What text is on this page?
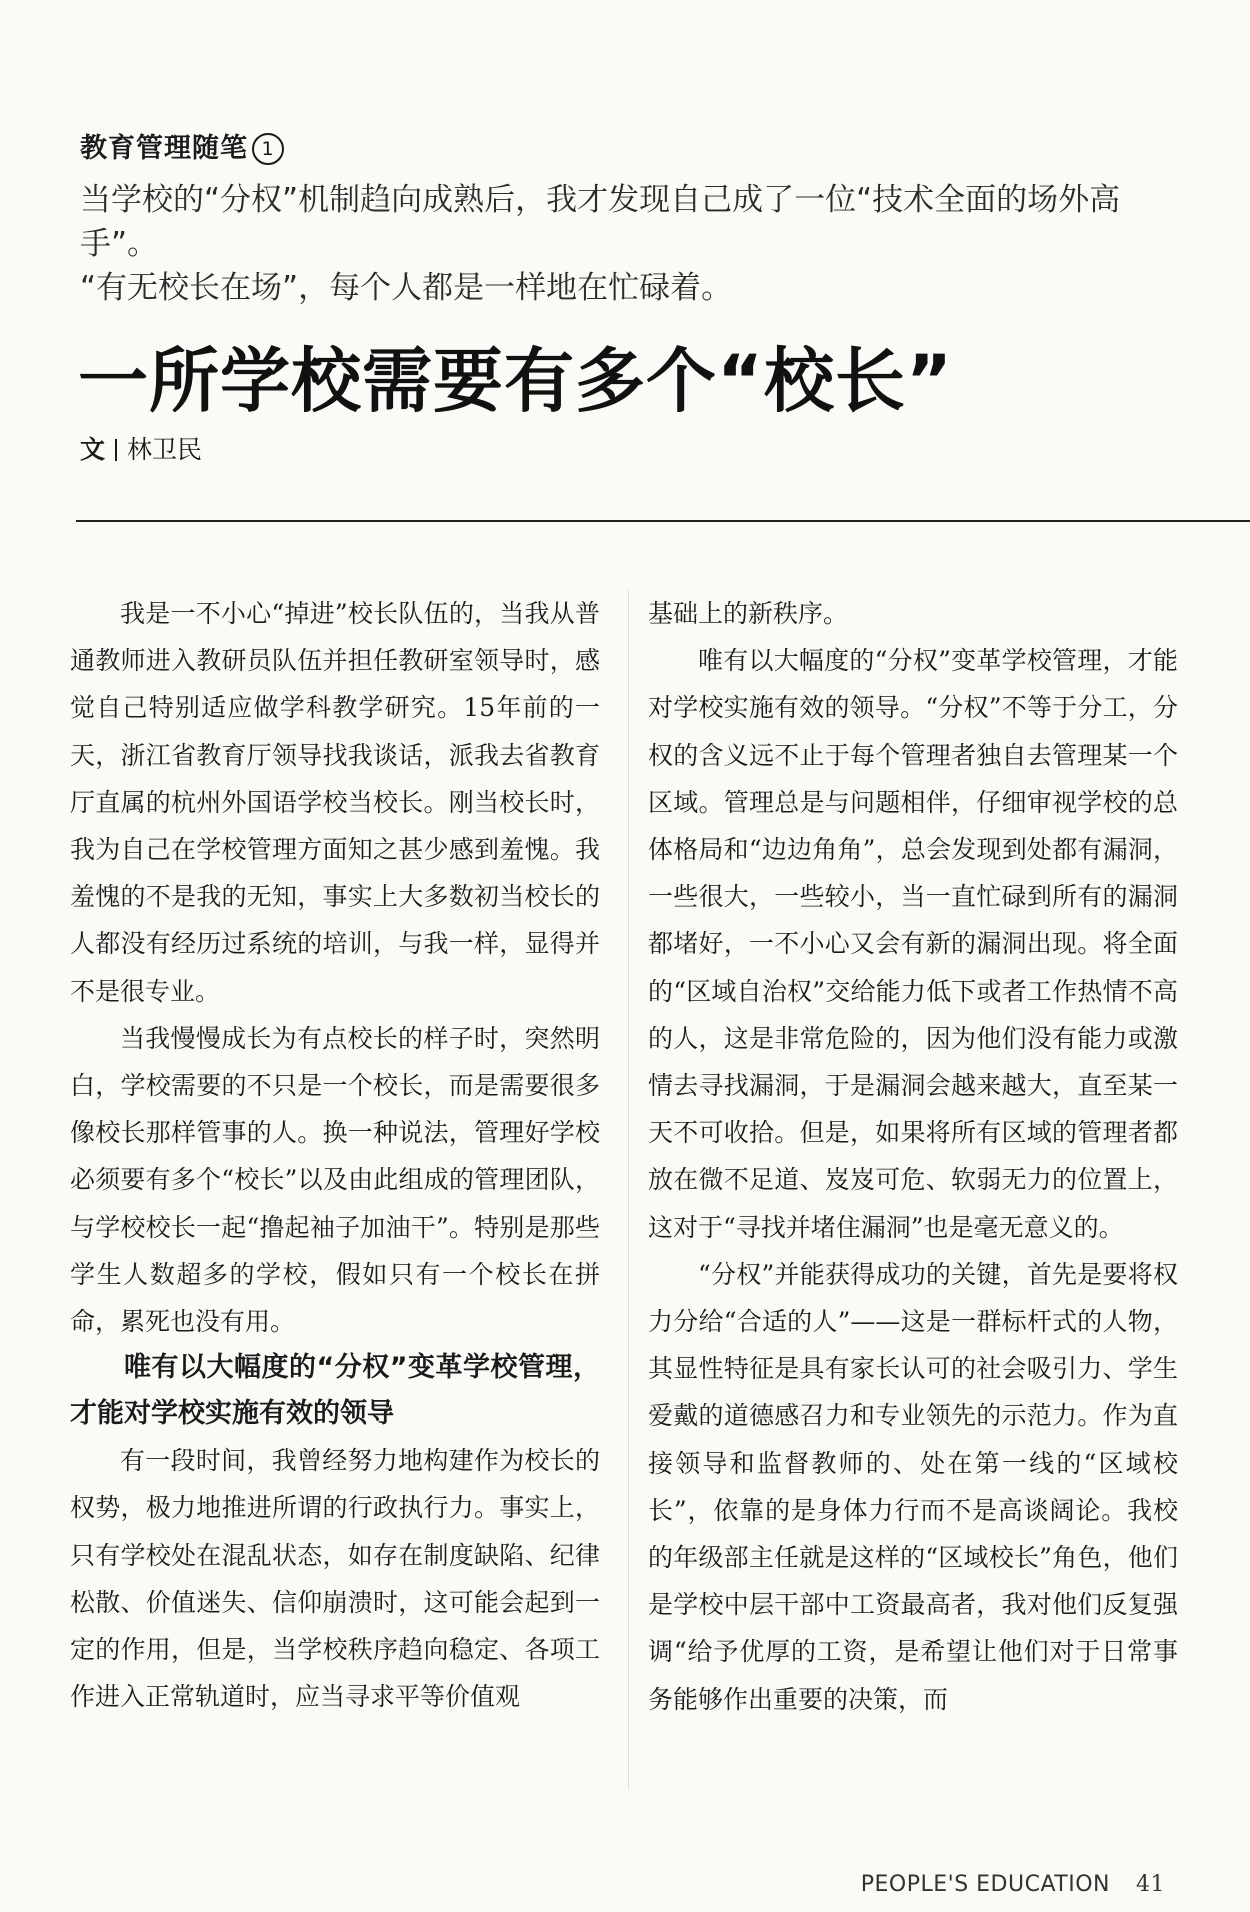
教育管理随笔 1

当学校的“分权”机制趋向成熟后，我才发现自己成了一位“技术全面的场外高手”。

“有无校长在场”，每个人都是一样地在忙碌着。

一所学校需要有多个“校长”
文 林卫民

我是一不小心“掉进”校长队伍的，当我从普通教师进入教研员队伍并担任教研室领导时，感觉自己特别适应做学科教学研究。15年前的一天，浙江省教育厅领导找我谈话，派我去省教育厅直属的杭州外国语学校当校长。刚当校长时，我为自己在学校管理方面知之甚少感到羞愧。我羞愧的不是我的无知，事实上大多数初当校长的人都没有经历过系统的培训，与我一样，显得并不是很专业。

当我慢慢成长为有点校长的样子时，突然明白，学校需要的不只是一个校长，而是需要很多像校长那样管事的人。换一种说法，管理好学校必须要有多个“校长”以及由此组成的管理团队，与学校校长一起“撸起袖子加油干”。特别是那些学生人数超多的学校，假如只有一个校长在拼命，累死也没有用。

唯有以大幅度的“分权”变革学校管理，才能对学校实施有效的领导

有一段时间，我曾经努力地构建作为校长的权势，极力地推进所谓的行政执行力。事实上，只有学校处在混乱状态，如存在制度缺陷、纪律松散、价值迷失、信仰崩溃时，这可能会起到一定的作用，但是，当学校秩序趋向稳定、各项工作进入正常轨道时，应当寻求平等价值观

基础上的新秩序。

唯有以大幅度的“分权”变革学校管理，才能对学校实施有效的领导。“分权”不等于分工，分权的含义远不止于每个管理者独自去管理某一个区域。管理总是与问题相伴，仔细审视学校的总体格局和“边边角角”，总会发现到处都有漏洞，一些很大，一些较小，当一直忙碌到所有的漏洞都堵好，一不小心又会有新的漏洞出现。将全面的“区域自治权”交给能力低下或者工作热情不高的人，这是非常危险的，因为他们没有能力或激情去寻找漏洞，于是漏洞会越来越大，直至某一天不可收拾。但是，如果将所有区域的管理者都放在微不足道、岌岌可危、软弱无力的位置上，这对于“寻找并堵住漏洞”也是毫无意义的。

“分权”并能获得成功的关键，首先是要将权力分给“合适的人”——这是一群标杆式的人物，其显性特征是具有家长认可的社会吸引力、学生爱戴的道德感召力和专业领先的示范力。作为直接领导和监督教师的、处在第一线的“区域校长”，依靠的是身体力行而不是高谈阔论。我校的年级部主任就是这样的“区域校长”角色，他们是学校中层干部中工资最高者，我对他们反复强调“给予优厚的工资，是希望让他们对于日常事务能够作出重要的决策，而

PEOPLE'S EDUCATION 41
